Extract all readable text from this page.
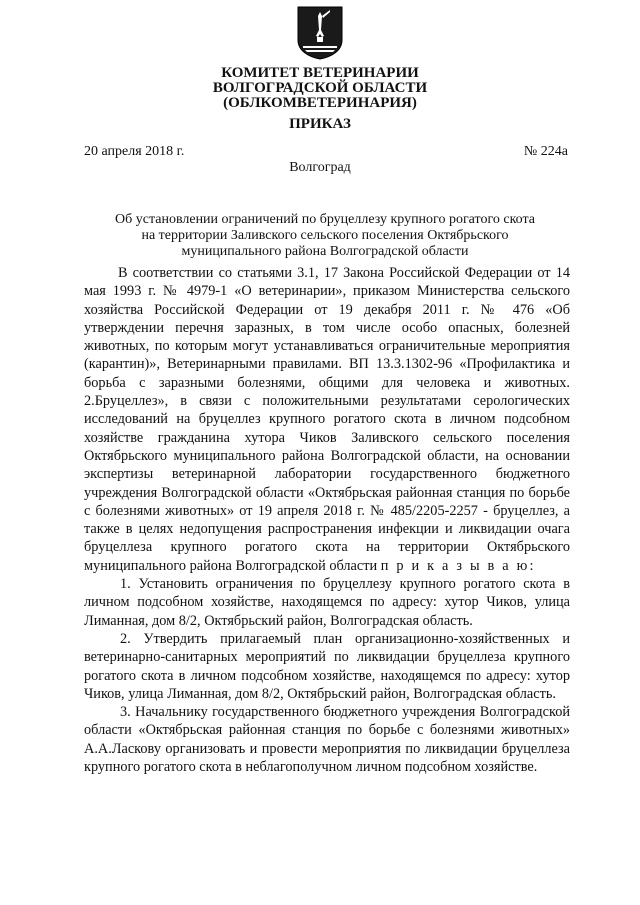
КОМИТЕТ ВЕТЕРИНАРИИ
ВОЛГОГРАДСКОЙ ОБЛАСТИ
(ОБЛКОМВЕТЕРИНАРИЯ)
ПРИКАЗ
20 апреля 2018 г.	№ 224а
Волгоград
Об установлении ограничений по бруцеллезу крупного рогатого скота
на территории Заливского сельского поселения Октябрьского
муниципального района Волгоградской области

В соответствии со статьями 3.1, 17 Закона Российской Федерации от 14 мая 1993 г. № 4979-1 «О ветеринарии», приказом Министерства сельского хозяйства Российской Федерации от 19 декабря 2011 г. № 476 «Об утверждении перечня заразных, в том числе особо опасных, болезней животных, по которым могут устанавливаться ограничительные мероприятия (карантин)», Ветеринарными правилами. ВП 13.3.1302-96 «Профилактика и борьба с заразными болезнями, общими для человека и животных. 2.Бруцеллез», в связи с положительными результатами серологических исследований на бруцеллез крупного рогатого скота в личном подсобном хозяйстве гражданина хутора Чиков Заливского сельского поселения Октябрьского муниципального района Волгоградской области, на основании экспертизы ветеринарной лаборатории государственного бюджетного учреждения Волгоградской области «Октябрьская районная станция по борьбе с болезнями животных» от 19 апреля 2018 г. № 485/2205-2257 - бруцеллез, а также в целях недопущения распространения инфекции и ликвидации очага бруцеллеза крупного рогатого скота на территории Октябрьского муниципального района Волгоградской области п р и к а з ы в а ю:

1. Установить ограничения по бруцеллезу крупного рогатого скота в личном подсобном хозяйстве, находящемся по адресу: хутор Чиков, улица Лиманная, дом 8/2, Октябрьский район, Волгоградская область.

2. Утвердить прилагаемый план организационно-хозяйственных и ветеринарно-санитарных мероприятий по ликвидации бруцеллеза крупного рогатого скота в личном подсобном хозяйстве, находящемся по адресу: хутор Чиков, улица Лиманная, дом 8/2, Октябрьский район, Волгоградская область.

3. Начальнику государственного бюджетного учреждения Волгоградской области «Октябрьская районная станция по борьбе с болезнями животных» А.А.Ласкову организовать и провести мероприятия по ликвидации бруцеллеза крупного рогатого скота в неблагополучном личном подсобном хозяйстве.
